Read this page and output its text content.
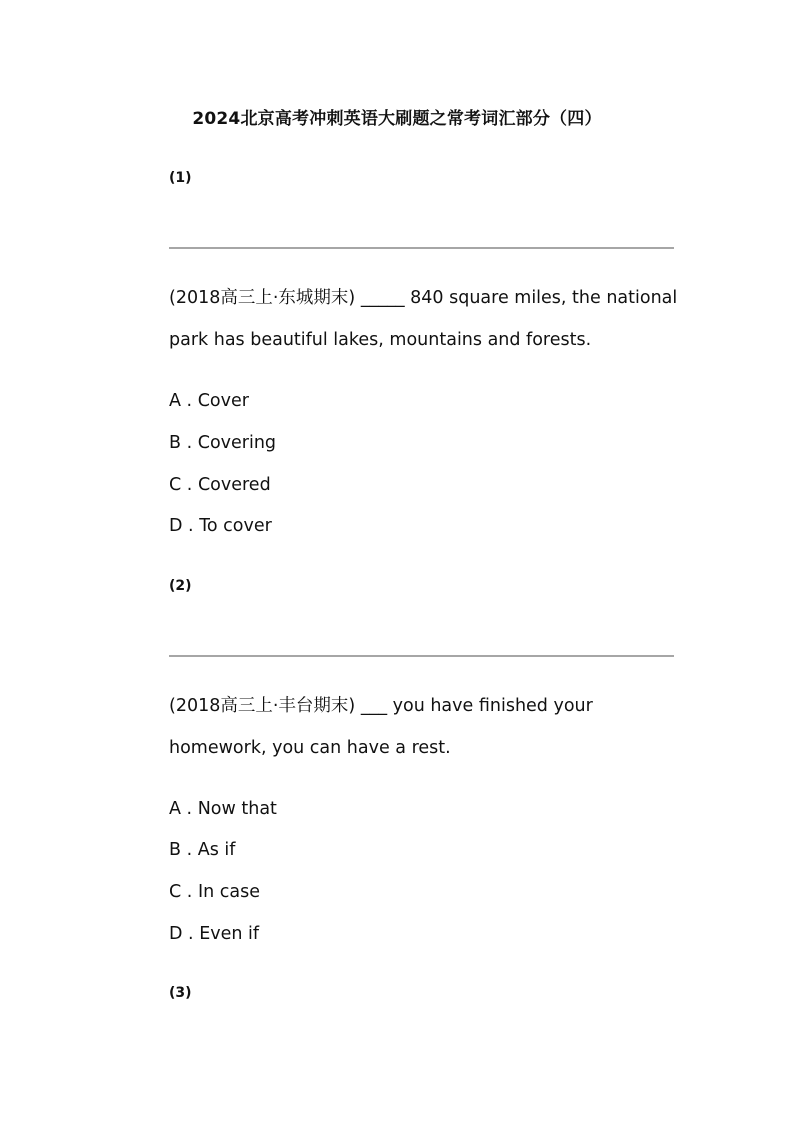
2024北京高考冲刺英语大刷题之常考词汇部分（四）
(1)
(2018高三上·东城期末) _____ 840 square miles, the national park has beautiful lakes, mountains and forests.
A . Cover
B . Covering
C . Covered
D . To cover
(2)
(2018高三上·丰台期末) ___ you have finished your homework, you can have a rest.
A . Now that
B . As if
C . In case
D . Even if
(3)
